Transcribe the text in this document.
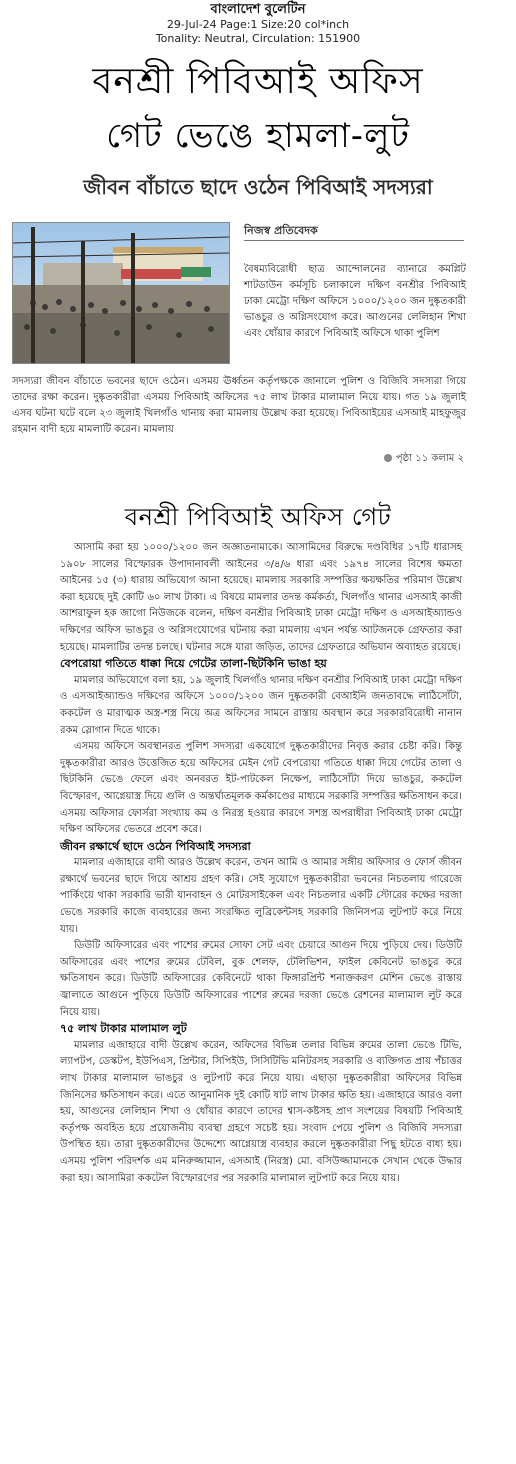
বাংলাদেশ বুলেটিন
29-Jul-24 Page:1 Size:20 col*inch
Tonality: Neutral, Circulation: 151900
বনশ্রী পিবিআই অফিস
গেট ভেঙে হামলা-লুট
জীবন বাঁচাতে ছাদে ওঠেন পিবিআই সদস্যরা
নিজস্ব প্রতিবেদক
বৈষম্যবিরোধী ছাত্র আন্দোলনের ব্যানারে কমপ্লিট শাটডাউন কর্মসূচি চলাকালে দক্ষিণ বনশ্রীর পিবিআই ঢাকা মেট্রো দক্ষিণ অফিসে ১০০০/১২০০ জন দুষ্কৃতকারী ভাঙচুর ও অগ্নিসংযোগ করে। আগুনের লেলিহান শিখা এবং ধোঁয়ার কারণে পিবিআই অফিসে থাকা পুলিশ
সদস্যরা জীবন বাঁচাতে ভবনের ছাদে ওঠেন। এসময় ঊর্ধ্বতন কর্তৃপক্ষকে জানালে পুলিশ ও বিজিবি সদস্যরা গিয়ে তাদের রক্ষা করেন। দুষ্কৃতকারীরা এসময় পিবিআই অফিসের ৭৫ লাখ টাকার মালামাল নিয়ে যায়। গত ১৯ জুলাই এসব ঘটনা ঘটে বলে ২৩ জুলাই খিলগাঁও থানায় করা মামলায় উল্লেখ করা হয়েছে। পিবিআইয়ের এসআই মাহফুজুর রহমান বাদী হয়ে মামলাটি করেন। মামলায়
পৃষ্ঠা ১১ কলাম ২
বনশ্রী পিবিআই অফিস গেট

আসামি করা হয় ১০০০/১২০০ জন অজ্ঞাতনামাকে। আসামিদের বিরুদ্ধে দণ্ডবিধির ১৭টি ধারাসহ ১৯০৮ সালের বিস্ফোরক উপাদানাবলী আইনের ৩/৪/৬ ধারা এবং ১৯৭৪ সালের বিশেষ ক্ষমতা আইনের ১৫ (৩) ধারায় অভিযোগ আনা হয়েছে। মামলায় সরকারি সম্পত্তির ক্ষয়ক্ষতির পরিমাণ উল্লেখ করা হয়েছে দুই কোটি ৬০ লাখ টাকা। এ বিষয়ে মামলার তদন্ত কর্মকর্তা, খিলগাঁও থানার এসআই কাজী আশরাফুল হক জাগো নিউজকে বলেন, দক্ষিণ বনশ্রীর পিবিআই ঢাকা মেট্রো দক্ষিণ ও এসআইঅ্যান্ডও দক্ষিণের অফিস ভাঙচুর ও অগ্নিসংযোগের ঘটনায় করা মামলায় এখন পর্যন্ত আটজনকে গ্রেফতার করা হয়েছে। মামলাটির তদন্ত চলছে। ঘটনার সঙ্গে যারা জড়িত, তাদের গ্রেফতারে অভিযান অব্যাহত রয়েছে।

বেপরোয়া গতিতে ধাক্কা দিয়ে গেটের তালা-ছিটকিনি ভাঙা হয়

মামলার অভিযোগে বলা হয়, ১৯ জুলাই খিলগাঁও থানার দক্ষিণ বনশ্রীর পিবিআই ঢাকা মেট্রো দক্ষিণ ও এসআইঅ্যান্ডও দক্ষিণের অফিসে ১০০০/১২০০ জন দুষ্কৃতকারী বেআইনি জনতাবদ্ধে লাঠিসোঁটা, ককটেল ও মারাত্মক অস্ত্র-শস্ত্র নিয়ে অত্র অফিসের সামনে রাস্তায় অবস্থান করে সরকারবিরোধী নানান রকম স্লোগান দিতে থাকে।

এসময় অফিসে অবস্থানরত পুলিশ সদস্যরা একযোগে দুষ্কৃতকারীদের নিবৃত্ত করার চেষ্টা করি। কিন্তু দুষ্কৃতকারীরা আরও উত্তেজিত হয়ে অফিসের মেইন গেট বেপরোয়া গতিতে ধাক্কা দিয়ে গেটের তালা ও ছিটকিনি ভেঙে ফেলে এবং অনবরত ইট-পাটকেল নিক্ষেপ, লাঠিসোঁটা দিয়ে ভাঙচুর, ককটেল বিস্ফোরণ, আগ্নেয়াস্ত্র দিয়ে গুলি ও অন্তর্ঘাতমূলক কর্মকাণ্ডের মাধ্যমে সরকারি সম্পত্তির ক্ষতিসাধন করে। এসময় অফিসার ফোর্সরা সংখ্যায় কম ও নিরস্ত্র হওয়ার কারণে সশস্ত্র অপরাধীরা পিবিআই ঢাকা মেট্রো দক্ষিণ অফিসের ভেতরে প্রবেশ করে।

জীবন রক্ষার্থে ছাদে ওঠেন পিবিআই সদস্যরা

মামলার এজাহারে বাদী আরও উল্লেখ করেন, তখন আমি ও আমার সঙ্গীয় অফিসার ও ফোর্স জীবন রক্ষার্থে ভবনের ছাদে গিয়ে আশ্রয় গ্রহণ করি। সেই সুযোগে দুষ্কৃতকারীরা ভবনের নিচতলায় গারেজে পার্কিংয়ে থাকা সরকারি ভারী যানবাহন ও মোটরসাইকেল এবং নিচতলার একটি স্টোরের কক্ষের দরজা ভেঙে সরকারি কাজে ব্যবহারের জন্য সংরক্ষিত লুব্রিকেন্টসহ সরকারি জিনিসপত্র লুটপাট করে নিয়ে যায়।

ডিউটি অফিসারের এবং পাশের রুমের সোফা সেট এবং চেয়ারে আগুন দিয়ে পুড়িয়ে দেয়। ডিউটি অফিসারের এবং পাশের রুমের টেবিল, বুক শেলফ, টেলিভিশন, ফাইল কেবিনেট ভাঙচুর করে ক্ষতিসাধন করে। ডিউটি অফিসারের কেবিনেটে থাকা ফিঙ্গারপ্রিন্ট শনাক্তকরণ মেশিন ভেঙে রাস্তায় জ্বালাতে আগুনে পুড়িয়ে ডিউটি অফিসারের পাশের রুমের দরজা ভেঙে রেশনের মালামাল লুট করে নিয়ে যায়।

৭৫ লাখ টাকার মালামাল লুট

মামলার এজাহারে বাদী উল্লেখ করেন, অফিসের বিভিন্ন তলার বিভিন্ন রুমের তালা ভেঙে টিভি, ল্যাপটপ, ডেস্কটপ, ইউপিএস, প্রিন্টার, সিপিইউ, সিসিটিভি মনিটরসহ সরকারি ও ব্যক্তিগত প্রায় পঁচাত্তর লাখ টাকার মালামাল ভাঙচুর ও লুটপাট করে নিয়ে যায়। এছাড়া দুষ্কৃতকারীরা অফিসের বিভিন্ন জিনিসের ক্ষতিসাধন করে। এতে আনুমানিক দুই কোটি ষাট লাখ টাকার ক্ষতি হয়। এজাহারে আরও বলা হয়, আগুনের লেলিহান শিখা ও ধোঁয়ার কারণে তাদের শ্বাস-কষ্টসহ প্রাণ সংশয়ের বিষয়টি পিবিআই কর্তৃপক্ষ অবহিত হয়ে প্রয়োজনীয় ব্যবস্থা গ্রহণে সচেষ্ট হয়। সংবাদ পেয়ে পুলিশ ও বিজিবি সদস্যরা উপস্থিত হয়। তারা দুষ্কৃতকারীদের উদ্দেশ্যে আগ্নেয়াস্ত্র ব্যবহার করলে দুষ্কৃতকারীরা পিছু হটতে বাধ্য হয়। এসময় পুলিশ পরিদর্শক এম মনিরুজ্জামান, এসআই (নিরস্ত্র) মো. বসিউজ্জামানকে সেখান থেকে উদ্ধার করা হয়। আসামিরা ককটেল বিস্ফোরণের পর সরকারি মালামাল লুটপাট করে নিয়ে যায়।
